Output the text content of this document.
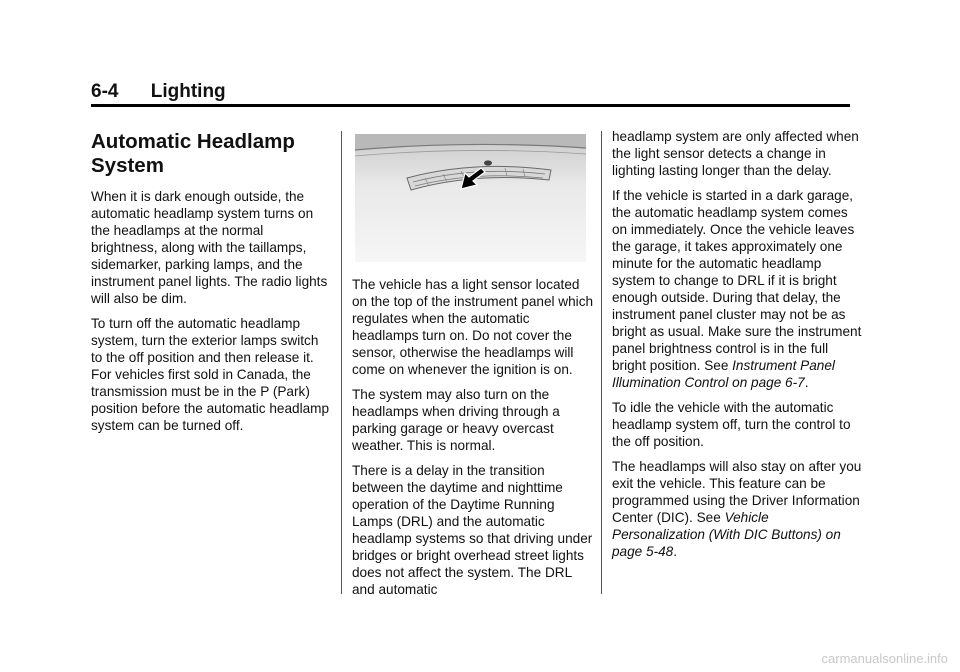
6-4 Lighting
Automatic Headlamp System

When it is dark enough outside, the automatic headlamp system turns on the headlamps at the normal brightness, along with the taillamps, sidemarker, parking lamps, and the instrument panel lights. The radio lights will also be dim.

To turn off the automatic headlamp system, turn the exterior lamps switch to the off position and then release it. For vehicles first sold in Canada, the transmission must be in the P (Park) position before the automatic headlamp system can be turned off.

The vehicle has a light sensor located on the top of the instrument panel which regulates when the automatic headlamps turn on. Do not cover the sensor, otherwise the headlamps will come on whenever the ignition is on.

The system may also turn on the headlamps when driving through a parking garage or heavy overcast weather. This is normal.

There is a delay in the transition between the daytime and nighttime operation of the Daytime Running Lamps (DRL) and the automatic headlamp systems so that driving under bridges or bright overhead street lights does not affect the system. The DRL and automatic

headlamp system are only affected when the light sensor detects a change in lighting lasting longer than the delay.

If the vehicle is started in a dark garage, the automatic headlamp system comes on immediately. Once the vehicle leaves the garage, it takes approximately one minute for the automatic headlamp system to change to DRL if it is bright enough outside. During that delay, the instrument panel cluster may not be as bright as usual. Make sure the instrument panel brightness control is in the full bright position. See Instrument Panel Illumination Control on page 6-7.

To idle the vehicle with the automatic headlamp system off, turn the control to the off position.

The headlamps will also stay on after you exit the vehicle. This feature can be programmed using the Driver Information Center (DIC). See Vehicle Personalization (With DIC Buttons) on page 5-48.

carmanualsonline.info
